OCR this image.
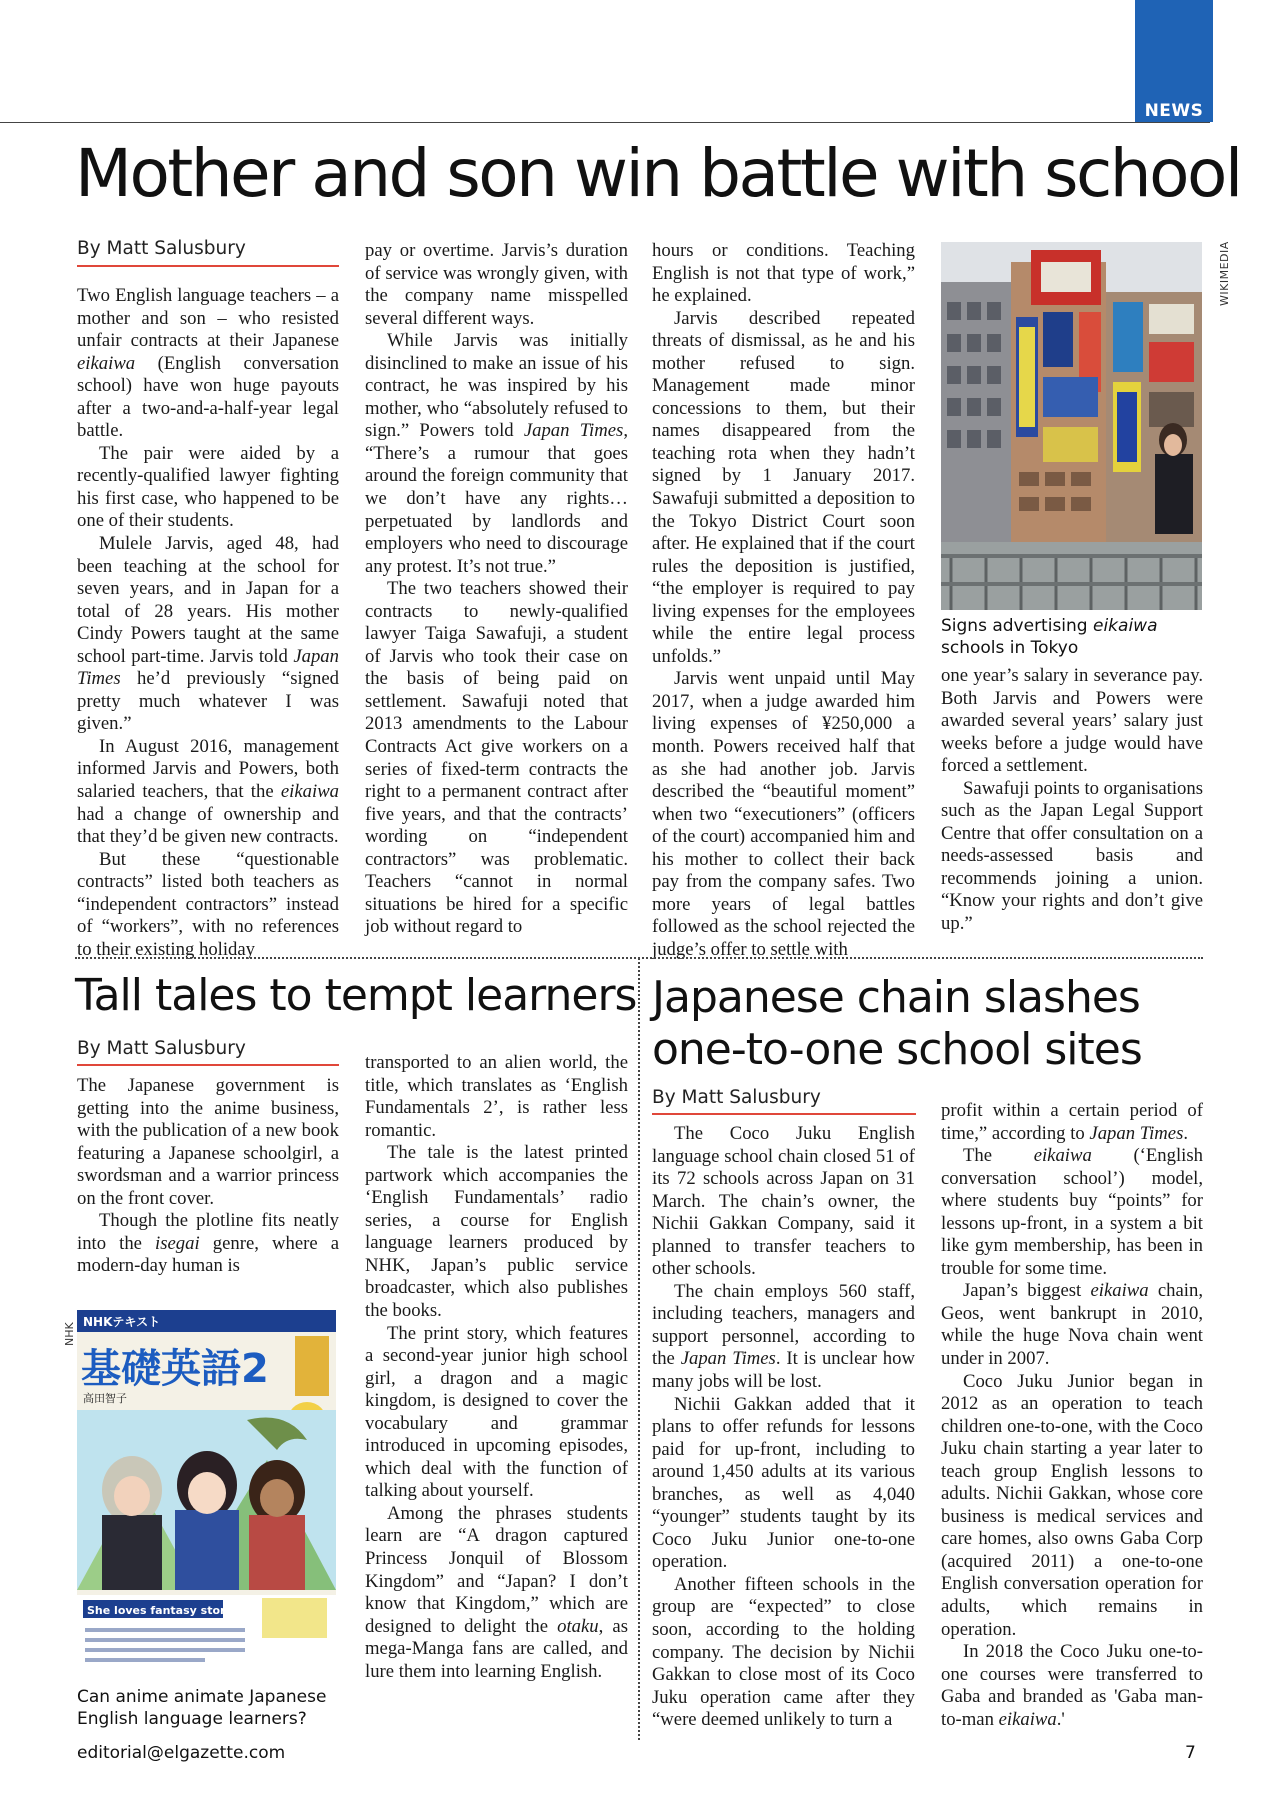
NEWS
Mother and son win battle with school
By Matt Salusbury

Two English language teachers – a mother and son – who resisted unfair contracts at their Japanese eikaiwa (English conversation school) have won huge payouts after a two-and-a-half-year legal battle.

The pair were aided by a recently-qualified lawyer fighting his first case, who happened to be one of their students.

Mulele Jarvis, aged 48, had been teaching at the school for seven years, and in Japan for a total of 28 years. His mother Cindy Powers taught at the same school part-time. Jarvis told Japan Times he’d previously “signed pretty much whatever I was given.”

In August 2016, management informed Jarvis and Powers, both salaried teachers, that the eikaiwa had a change of ownership and that they’d be given new contracts.

But these “questionable contracts” listed both teachers as “independent contractors” instead of “workers”, with no references to their existing holiday

pay or overtime. Jarvis’s duration of service was wrongly given, with the company name misspelled several different ways.

While Jarvis was initially disinclined to make an issue of his contract, he was inspired by his mother, who “absolutely refused to sign.” Powers told Japan Times, “There’s a rumour that goes around the foreign community that we don’t have any rights… perpetuated by landlords and employers who need to discourage any protest. It’s not true.”

The two teachers showed their contracts to newly-qualified lawyer Taiga Sawafuji, a student of Jarvis who took their case on the basis of being paid on settlement. Sawafuji noted that 2013 amendments to the Labour Contracts Act give workers on a series of fixed-term contracts the right to a permanent contract after five years, and that the contracts’ wording on “independent contractors” was problematic. Teachers “cannot in normal situations be hired for a specific job without regard to

hours or conditions. Teaching English is not that type of work,” he explained.

Jarvis described repeated threats of dismissal, as he and his mother refused to sign. Management made minor concessions to them, but their names disappeared from the teaching rota when they hadn’t signed by 1 January 2017. Sawafuji submitted a deposition to the Tokyo District Court soon after. He explained that if the court rules the deposition is justified, “the employer is required to pay living expenses for the employees while the entire legal process unfolds.”

Jarvis went unpaid until May 2017, when a judge awarded him living expenses of ¥250,000 a month. Powers received half that as she had another job. Jarvis described the “beautiful moment” when two “executioners” (officers of the court) accompanied him and his mother to collect their back pay from the company safes. Two more years of legal battles followed as the school rejected the judge’s offer to settle with

WIKIMEDIA
Signs advertising eikaiwa schools in Tokyo

one year’s salary in severance pay. Both Jarvis and Powers were awarded several years’ salary just weeks before a judge would have forced a settlement.

Sawafuji points to organisations such as the Japan Legal Support Centre that offer consultation on a needs-assessed basis and recommends joining a union. “Know your rights and don’t give up.”

Tall tales to tempt learners
By Matt Salusbury

The Japanese government is getting into the anime business, with the publication of a new book featuring a Japanese schoolgirl, a swordsman and a warrior princess on the front cover.

Though the plotline fits neatly into the isegai genre, where a modern-day human is

NHK
NHKテキスト
基礎英語2
高田智子
She loves fantasy stories.
Can anime animate Japanese English language learners?

transported to an alien world, the title, which translates as ‘English Fundamentals 2’, is rather less romantic.

The tale is the latest printed partwork which accompanies the ‘English Fundamentals’ radio series, a course for English language learners produced by NHK, Japan’s public service broadcaster, which also publishes the books.

The print story, which features a second-year junior high school girl, a dragon and a magic kingdom, is designed to cover the vocabulary and grammar introduced in upcoming episodes, which deal with the function of talking about yourself.

Among the phrases students learn are “A dragon captured Princess Jonquil of Blossom Kingdom” and “Japan? I don’t know that Kingdom,” which are designed to delight the otaku, as mega-Manga fans are called, and lure them into learning English.

Japanese chain slashes one-to-one school sites
By Matt Salusbury

The Coco Juku English language school chain closed 51 of its 72 schools across Japan on 31 March. The chain’s owner, the Nichii Gakkan Company, said it planned to transfer teachers to other schools.

The chain employs 560 staff, including teachers, managers and support personnel, according to the Japan Times. It is unclear how many jobs will be lost.

Nichii Gakkan added that it plans to offer refunds for lessons paid for up-front, including to around 1,450 adults at its various branches, as well as 4,040 “younger” students taught by its Coco Juku Junior one-to-one operation.

Another fifteen schools in the group are “expected” to close soon, according to the holding company. The decision by Nichii Gakkan to close most of its Coco Juku operation came after they “were deemed unlikely to turn a

profit within a certain period of time,” according to Japan Times.

The eikaiwa (‘English conversation school’) model, where students buy “points” for lessons up-front, in a system a bit like gym membership, has been in trouble for some time.

Japan’s biggest eikaiwa chain, Geos, went bankrupt in 2010, while the huge Nova chain went under in 2007.

Coco Juku Junior began in 2012 as an operation to teach children one-to-one, with the Coco Juku chain starting a year later to teach group English lessons to adults. Nichii Gakkan, whose core business is medical services and care homes, also owns Gaba Corp (acquired 2011) a one-to-one English conversation operation for adults, which remains in operation.

In 2018 the Coco Juku one-to-one courses were transferred to Gaba and branded as 'Gaba man-to-man eikaiwa.'

editorial@elgazette.com	7
